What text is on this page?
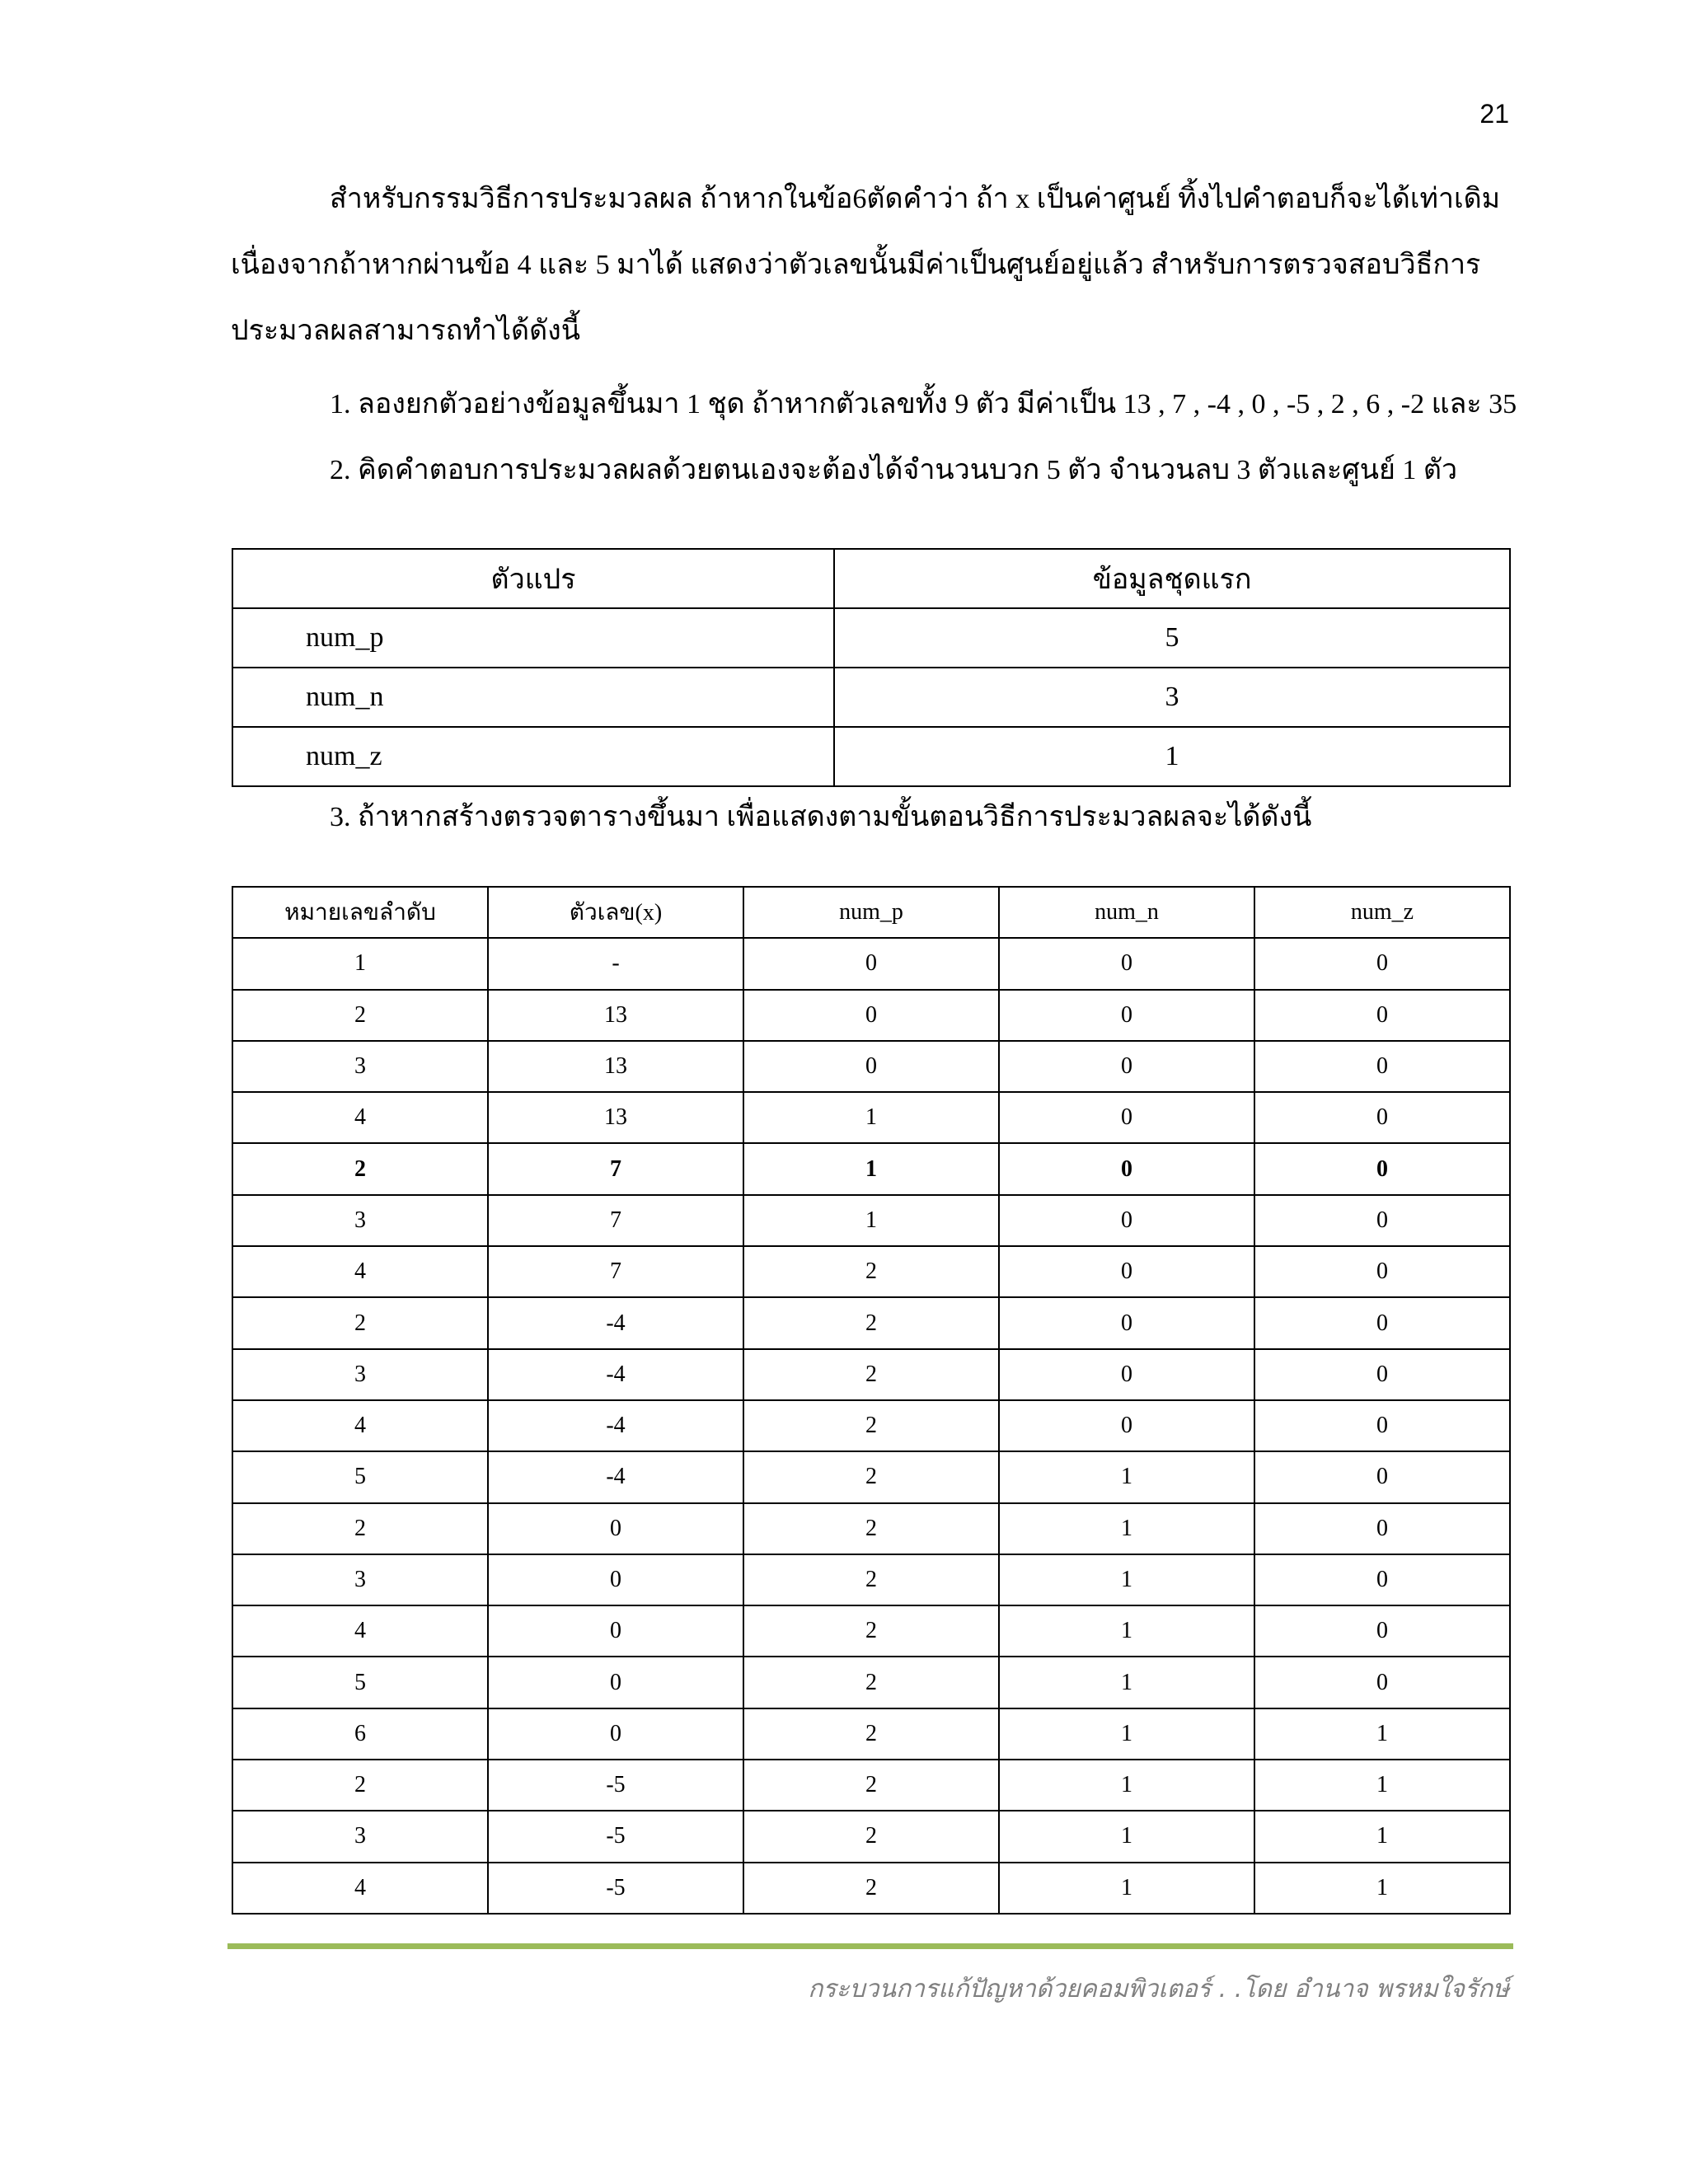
21
สำหรับกรรมวิธีการประมวลผล ถ้าหากในข้อ6ตัดคำว่า ถ้า x เป็นค่าศูนย์ ทิ้งไปคำตอบก็จะได้เท่าเดิม
เนื่องจากถ้าหากผ่านข้อ 4 และ 5 มาได้ แสดงว่าตัวเลขนั้นมีค่าเป็นศูนย์อยู่แล้ว สำหรับการตรวจสอบวิธีการ
ประมวลผลสามารถทำได้ดังนี้
1. ลองยกตัวอย่างข้อมูลขึ้นมา 1 ชุด ถ้าหากตัวเลขทั้ง 9 ตัว มีค่าเป็น 13 , 7 , -4 , 0 , -5 , 2 , 6 , -2 และ 35
2. คิดคำตอบการประมวลผลด้วยตนเองจะต้องได้จำนวนบวก 5 ตัว จำนวนลบ 3 ตัวและศูนย์ 1 ตัว
ตัวแปร	ข้อมูลชุดแรก
num_p	5
num_n	3
num_z	1
3. ถ้าหากสร้างตรวจตารางขึ้นมา เพื่อแสดงตามขั้นตอนวิธีการประมวลผลจะได้ดังนี้
หมายเลขลำดับ	ตัวเลข(x)	num_p	num_n	num_z
1	-	0	0	0
2	13	0	0	0
3	13	0	0	0
4	13	1	0	0
2	7	1	0	0
3	7	1	0	0
4	7	2	0	0
2	-4	2	0	0
3	-4	2	0	0
4	-4	2	0	0
5	-4	2	1	0
2	0	2	1	0
3	0	2	1	0
4	0	2	1	0
5	0	2	1	0
6	0	2	1	1
2	-5	2	1	1
3	-5	2	1	1
4	-5	2	1	1
กระบวนการแก้ปัญหาด้วยคอมพิวเตอร์ . .โดย อำนาจ พรหมใจรักษ์
